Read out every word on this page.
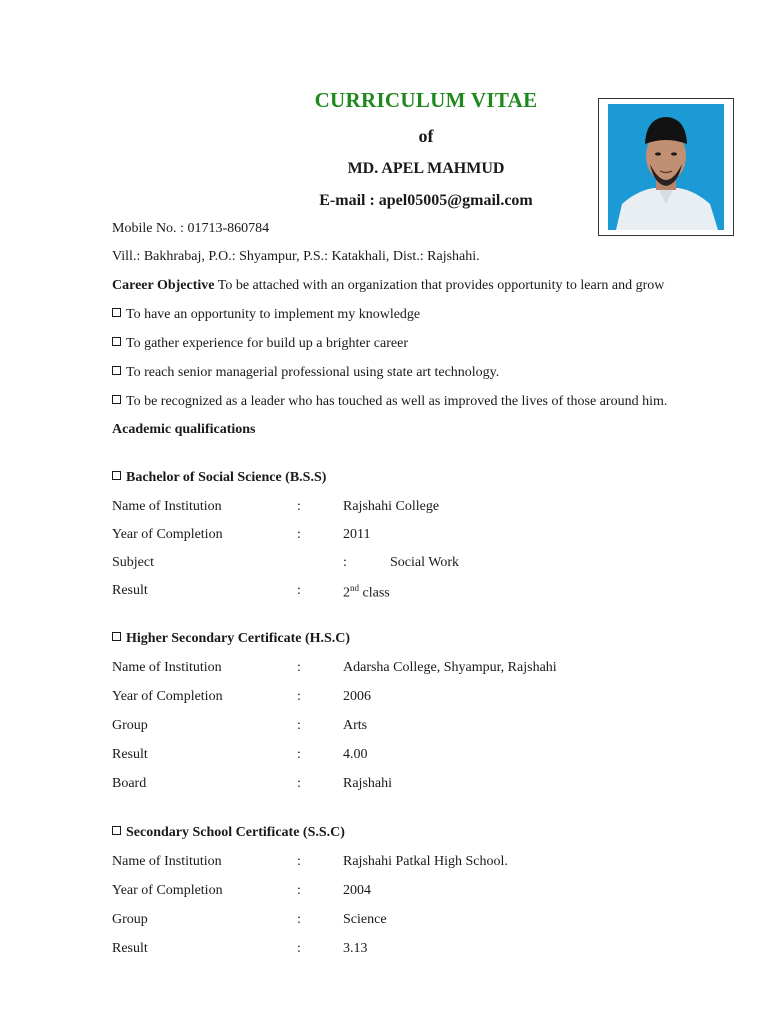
CURRICULUM VITAE
of
MD. APEL MAHMUD
E-mail : apel05005@gmail.com
Mobile No. : 01713-860784
Vill.: Bakhrabaj, P.O.: Shyampur, P.S.: Katakhali, Dist.: Rajshahi.
Career Objective To be attached with an organization that provides opportunity to learn and grow
To have an opportunity to implement my knowledge
To gather experience for build up a brighter career
To reach senior managerial professional using state art technology.
To be recognized as a leader who has touched as well as improved the lives of those around him.
Academic qualifications
Bachelor of Social Science (B.S.S)
Name of Institution	:	Rajshahi College
Year of Completion	:	2011
Subject	:	Social Work
Result	:	2nd class
Higher Secondary Certificate (H.S.C)
Name of Institution	:	Adarsha College, Shyampur, Rajshahi
Year of Completion	:	2006
Group	:	Arts
Result	:	4.00
Board	:	Rajshahi
Secondary School Certificate (S.S.C)
Name of Institution	:	Rajshahi Patkal High School.
Year of Completion	:	2004
Group	:	Science
Result	:	3.13
